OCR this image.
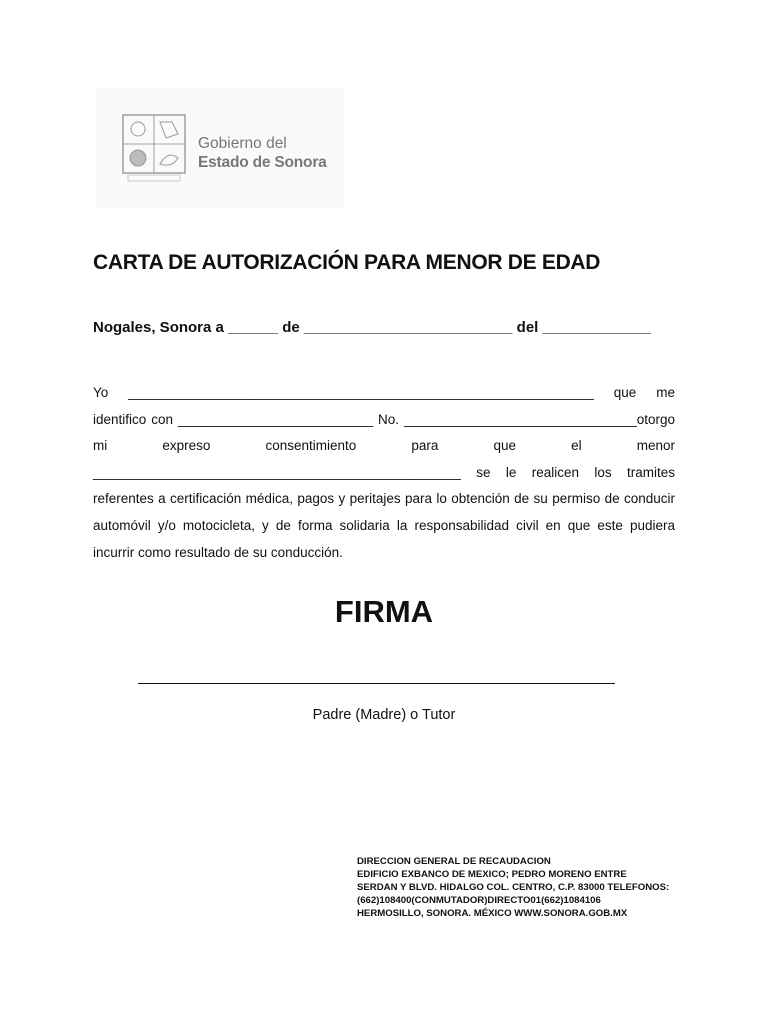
Gobierno del
Estado de Sonora
CARTA DE AUTORIZACIÓN PARA MENOR DE EDAD
Nogales, Sonora a ______ de _________________________ del _____________

Yo ______________________________________________________________ que me identifico con __________________________ No. _______________________________otorgo mi expreso consentimiento para que el menor _________________________________________________ se le realicen los tramites referentes a certificación médica, pagos y peritajes para lo obtención de su permiso de conducir automóvil y/o motocicleta, y de forma solidaria la responsabilidad civil en que este pudiera incurrir como resultado de su conducción.

FIRMA
Padre (Madre) o Tutor
DIRECCION GENERAL DE RECAUDACION
EDIFICIO EXBANCO DE MEXICO; PEDRO MORENO ENTRE
SERDAN Y BLVD. HIDALGO COL. CENTRO, C.P. 83000 TELEFONOS:
(662)108400(CONMUTADOR)DIRECTO01(662)1084106
HERMOSILLO, SONORA. MÉXICO WWW.SONORA.GOB.MX
